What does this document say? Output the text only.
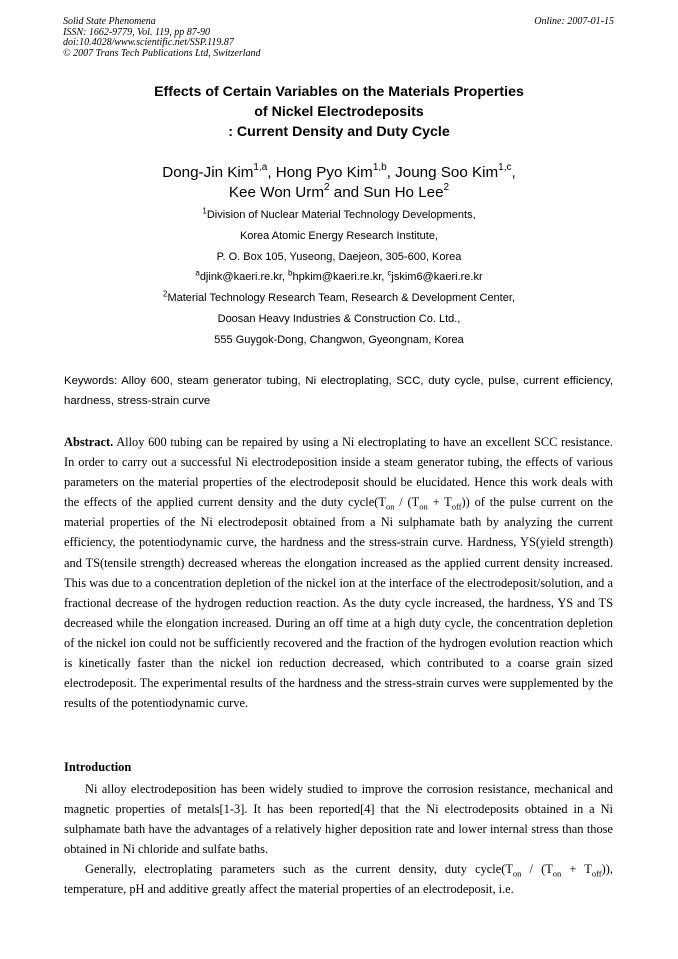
Solid State Phenomena
ISSN: 1662-9779, Vol. 119, pp 87-90
doi:10.4028/www.scientific.net/SSP.119.87
© 2007 Trans Tech Publications Ltd, Switzerland
Online: 2007-01-15
Effects of Certain Variables on the Materials Properties
of Nickel Electrodeposits
: Current Density and Duty Cycle
Dong-Jin Kim$^{1,a}$, Hong Pyo Kim$^{1,b}$, Joung Soo Kim$^{1,c}$,
Kee Won Urm$^2$ and Sun Ho Lee$^2$
$^1$Division of Nuclear Material Technology Developments,
Korea Atomic Energy Research Institute,
P. O. Box 105, Yuseong, Daejeon, 305-600, Korea
$^a$djink@kaeri.re.kr, $^b$hpkim@kaeri.re.kr, $^c$jskim6@kaeri.re.kr
$^2$Material Technology Research Team, Research & Development Center,
Doosan Heavy Industries & Construction Co. Ltd.,
555 Guygok-Dong, Changwon, Gyeongnam, Korea
Keywords: Alloy 600, steam generator tubing, Ni electroplating, SCC, duty cycle, pulse, current efficiency, hardness, stress-strain curve
Abstract. Alloy 600 tubing can be repaired by using a Ni electroplating to have an excellent SCC resistance. In order to carry out a successful Ni electrodeposition inside a steam generator tubing, the effects of various parameters on the material properties of the electrodeposit should be elucidated. Hence this work deals with the effects of the applied current density and the duty $cycle(T_{on} / (T_{on} + T_{off}))$ of the pulse current on the material properties of the Ni electrodeposit obtained from a Ni sulphamate bath by analyzing the current efficiency, the potentiodynamic curve, the hardness and the stress-strain curve. Hardness, YS(yield strength) and TS(tensile strength) decreased whereas the elongation increased as the applied current density increased. This was due to a concentration depletion of the nickel ion at the interface of the electrodeposit/solution, and a fractional decrease of the hydrogen reduction reaction. As the duty cycle increased, the hardness, YS and TS decreased while the elongation increased. During an off time at a high duty cycle, the concentration depletion of the nickel ion could not be sufficiently recovered and the fraction of the hydrogen evolution reaction which is kinetically faster than the nickel ion reduction decreased, which contributed to a coarse grain sized electrodeposit. The experimental results of the hardness and the stress-strain curves were supplemented by the results of the potentiodynamic curve.
Introduction

Ni alloy electrodeposition has been widely studied to improve the corrosion resistance, mechanical and magnetic properties of metals[1-3]. It has been reported[4] that the Ni electrodeposits obtained in a Ni sulphamate bath have the advantages of a relatively higher deposition rate and lower internal stress than those obtained in Ni chloride and sulfate baths.

Generally, electroplating parameters such as the current density, duty $cycle(T_{on} / (T_{on} + T_{off}))$, temperature, pH and additive greatly affect the material properties of an electrodeposit, i.e.
